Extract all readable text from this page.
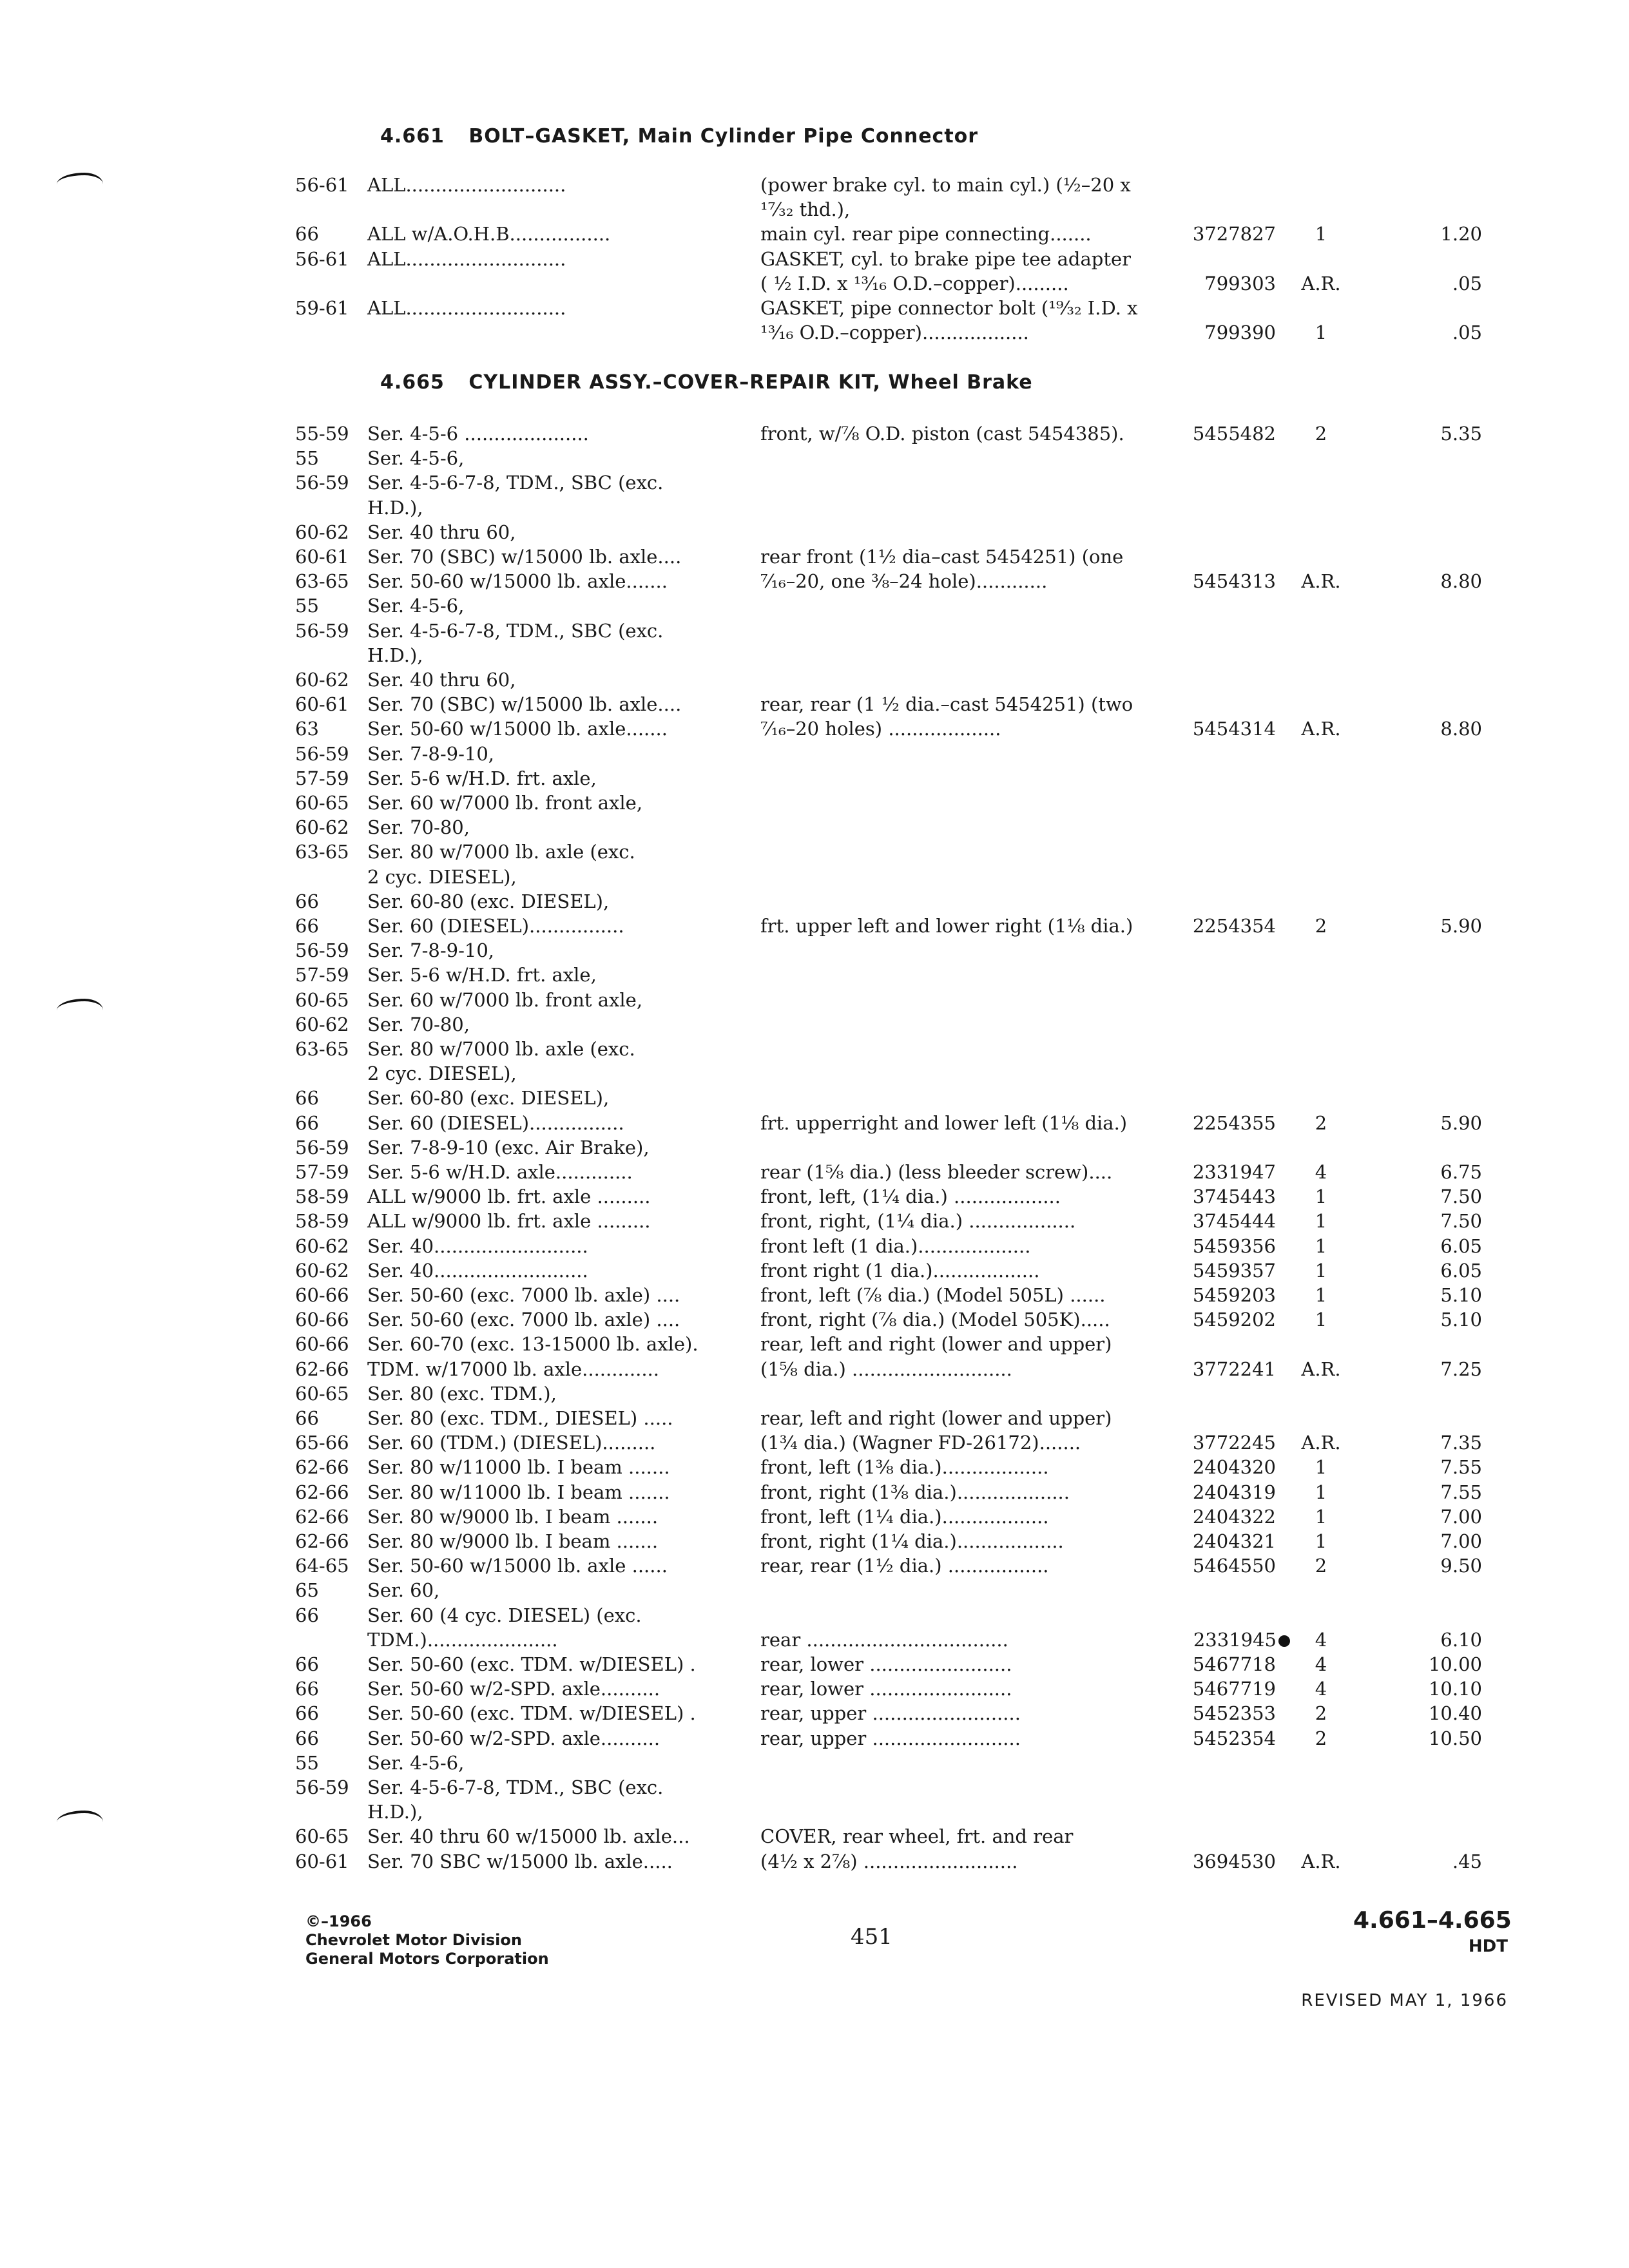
4.661 BOLT–GASKET, Main Cylinder Pipe Connector
56-61 ALL...........................	(power brake cyl. to main cyl.) (½–20 x
¹⁷⁄₃₂ thd.),
66	ALL w/A.O.H.B.................	main cyl. rear pipe connecting.......	3727827	1	1.20
56-61 ALL...........................	GASKET, cyl. to brake pipe tee adapter
( ½ I.D. x ¹³⁄₁₆ O.D.–copper).........	799303	A.R.	.05
59-61 ALL...........................	GASKET, pipe connector bolt (¹⁹⁄₃₂ I.D. x
¹³⁄₁₆ O.D.–copper)..................	799390	1	.05
4.665 CYLINDER ASSY.–COVER–REPAIR KIT, Wheel Brake
55-59 Ser. 4-5-6 .....................	front, w/⅞ O.D. piston (cast 5454385).	5455482	2	5.35
55	Ser. 4-5-6,
56-59 Ser. 4-5-6-7-8, TDM., SBC (exc.
H.D.),
60-62 Ser. 40 thru 60,
60-61 Ser. 70 (SBC) w/15000 lb. axle....	rear front (1½ dia–cast 5454251) (one
63-65 Ser. 50-60 w/15000 lb. axle.......	⁷⁄₁₆–20, one ⅜–24 hole)............	5454313	A.R.	8.80
55	Ser. 4-5-6,
56-59 Ser. 4-5-6-7-8, TDM., SBC (exc.
H.D.),
60-62 Ser. 40 thru 60,
60-61 Ser. 70 (SBC) w/15000 lb. axle....	rear, rear (1 ½ dia.–cast 5454251) (two
63	Ser. 50-60 w/15000 lb. axle.......	⁷⁄₁₆–20 holes) ...................	5454314	A.R.	8.80
56-59 Ser. 7-8-9-10,
57-59 Ser. 5-6 w/H.D. frt. axle,
60-65 Ser. 60 w/7000 lb. front axle,
60-62 Ser. 70-80,
63-65 Ser. 80 w/7000 lb. axle (exc.
2 cyc. DIESEL),
66	Ser. 60-80 (exc. DIESEL),
66	Ser. 60 (DIESEL)................	frt. upper left and lower right (1⅛ dia.)	2254354	2	5.90
56-59 Ser. 7-8-9-10,
57-59 Ser. 5-6 w/H.D. frt. axle,
60-65 Ser. 60 w/7000 lb. front axle,
60-62 Ser. 70-80,
63-65 Ser. 80 w/7000 lb. axle (exc.
2 cyc. DIESEL),
66	Ser. 60-80 (exc. DIESEL),
66	Ser. 60 (DIESEL)................	frt. upperright and lower left (1⅛ dia.)	2254355	2	5.90
56-59 Ser. 7-8-9-10 (exc. Air Brake),
57-59 Ser. 5-6 w/H.D. axle.............	rear (1⅝ dia.) (less bleeder screw)....	2331947	4	6.75
58-59 ALL w/9000 lb. frt. axle .........	front, left, (1¼ dia.) ..................	3745443	1	7.50
58-59 ALL w/9000 lb. frt. axle .........	front, right, (1¼ dia.) ..................	3745444	1	7.50
60-62 Ser. 40..........................	front left (1 dia.)...................	5459356	1	6.05
60-62 Ser. 40..........................	front right (1 dia.)..................	5459357	1	6.05
60-66 Ser. 50-60 (exc. 7000 lb. axle) ....	front, left (⅞ dia.) (Model 505L) ......	5459203	1	5.10
60-66 Ser. 50-60 (exc. 7000 lb. axle) ....	front, right (⅞ dia.) (Model 505K).....	5459202	1	5.10
60-66 Ser. 60-70 (exc. 13-15000 lb. axle).	rear, left and right (lower and upper)
62-66 TDM. w/17000 lb. axle.............	(1⅝ dia.) ...........................	3772241	A.R.	7.25
60-65 Ser. 80 (exc. TDM.),
66	Ser. 80 (exc. TDM., DIESEL) .....	rear, left and right (lower and upper)
65-66 Ser. 60 (TDM.) (DIESEL).........	(1¾ dia.) (Wagner FD-26172).......	3772245	A.R.	7.35
62-66 Ser. 80 w/11000 lb. I beam .......	front, left (1⅜ dia.)..................	2404320	1	7.55
62-66 Ser. 80 w/11000 lb. I beam .......	front, right (1⅜ dia.)...................	2404319	1	7.55
62-66 Ser. 80 w/9000 lb. I beam .......	front, left (1¼ dia.)..................	2404322	1	7.00
62-66 Ser. 80 w/9000 lb. I beam .......	front, right (1¼ dia.)..................	2404321	1	7.00
64-65 Ser. 50-60 w/15000 lb. axle ......	rear, rear (1½ dia.) .................	5464550	2	9.50
65	Ser. 60,
66	Ser. 60 (4 cyc. DIESEL) (exc.
TDM.)......................	rear ..................................	2331945	4	6.10
66	Ser. 50-60 (exc. TDM. w/DIESEL) .	rear, lower ........................	5467718	4	10.00
66	Ser. 50-60 w/2-SPD. axle..........	rear, lower ........................	5467719	4	10.10
66	Ser. 50-60 (exc. TDM. w/DIESEL) .	rear, upper .........................	5452353	2	10.40
66	Ser. 50-60 w/2-SPD. axle..........	rear, upper .........................	5452354	2	10.50
55	Ser. 4-5-6,
56-59 Ser. 4-5-6-7-8, TDM., SBC (exc.
H.D.),
60-65 Ser. 40 thru 60 w/15000 lb. axle...	COVER, rear wheel, frt. and rear
60-61 Ser. 70 SBC w/15000 lb. axle.....	(4½ x 2⅞) ..........................	3694530	A.R.	.45
©–1966
Chevrolet Motor Division
General Motors Corporation
451
4.661–4.665
HDT
REVISED MAY 1, 1966
